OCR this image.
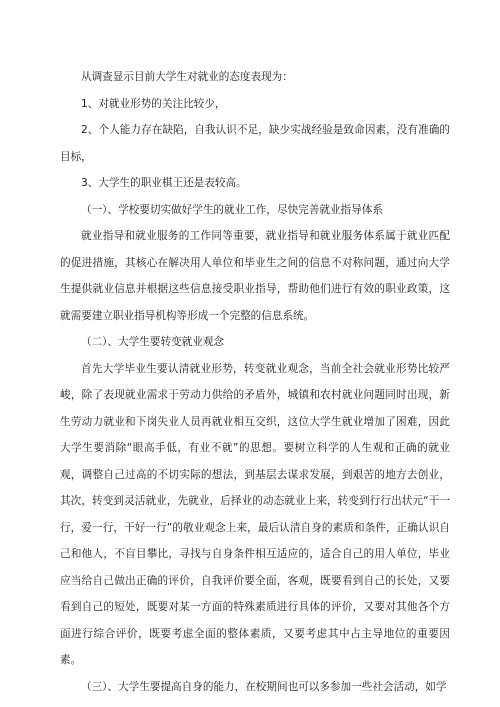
从调查显示目前大学生对就业的态度表现为：

1、对就业形势的关注比较少，

2、个人能力存在缺陷，自我认识不足，缺少实战经验是致命因素，没有准确的目标，

3、大学生的职业棋王还是表较高。

（一）、学校要切实做好学生的就业工作，尽快完善就业指导体系

就业指导和就业服务的工作同等重要，就业指导和就业服务体系属于就业匹配的促进措施，其核心在解决用人单位和毕业生之间的信息不对称问题，通过向大学生提供就业信息并根据这些信息接受职业指导，帮助他们进行有效的职业政策，这就需要建立职业指导机构等形成一个完整的信息系统。

（二）、大学生要转变就业观念

首先大学毕业生要认清就业形势，转变就业观念，当前全社会就业形势比较严峻，除了表现就业需求于劳动力供给的矛盾外，城镇和农村就业问题同时出现，新生劳动力就业和下岗失业人员再就业相互交织，这位大学生就业增加了困难，因此大学生要消除“眼高手低，有业不就”的思想。要树立科学的人生观和正确的就业观，调整自己过高的不切实际的想法，到基层去谋求发展，到艰苦的地方去创业，其次，转变到灵活就业，先就业，后择业的动态就业上来，转变到行行出状元“干一行，爱一行，干好一行”的敬业观念上来，最后认清自身的素质和条件，正确认识自己和他人，不盲目攀比，寻找与自身条件相互适应的，适合自己的用人单位，毕业应当给自己做出正确的评价，自我评价要全面，客观，既要看到自己的长处，又要看到自己的短处，既要对某一方面的特殊素质进行具体的评价，又要对其他各个方面进行综合评价，既要考虑全面的整体素质，又要考虑其中占主导地位的重要因素。

（三）、大学生要提高自身的能力，在校期间也可以多参加一些社会活动，如学
